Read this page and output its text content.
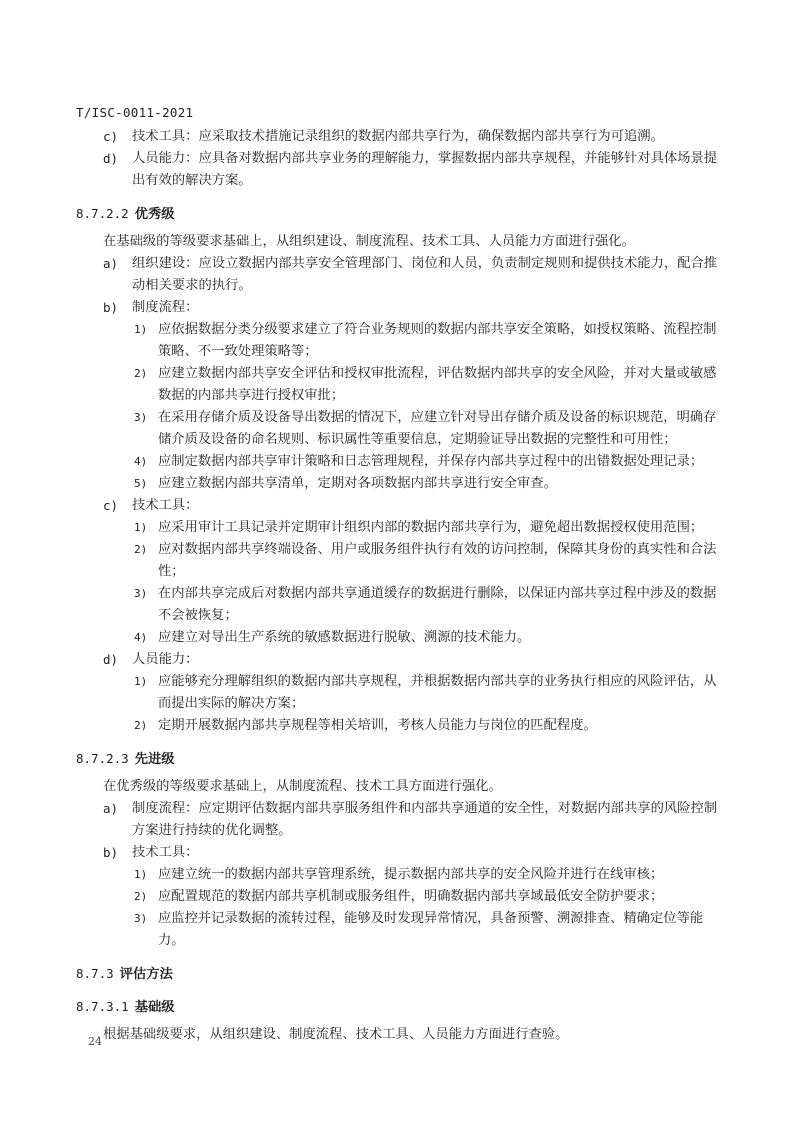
T/ISC-0011-2021
c)	技术工具：应采取技术措施记录组织的数据内部共享行为，确保数据内部共享行为可追溯。
d)	人员能力：应具备对数据内部共享业务的理解能力，掌握数据内部共享规程，并能够针对具体场景提出有效的解决方案。
8.7.2.2 优秀级
在基础级的等级要求基础上，从组织建设、制度流程、技术工具、人员能力方面进行强化。
a)	组织建设：应设立数据内部共享安全管理部门、岗位和人员，负责制定规则和提供技术能力，配合推动相关要求的执行。
b)	制度流程：
1) 应依据数据分类分级要求建立了符合业务规则的数据内部共享安全策略，如授权策略、流程控制策略、不一致处理策略等；
2) 应建立数据内部共享安全评估和授权审批流程，评估数据内部共享的安全风险，并对大量或敏感数据的内部共享进行授权审批；
3) 在采用存储介质及设备导出数据的情况下，应建立针对导出存储介质及设备的标识规范，明确存储介质及设备的命名规则、标识属性等重要信息，定期验证导出数据的完整性和可用性；
4) 应制定数据内部共享审计策略和日志管理规程，并保存内部共享过程中的出错数据处理记录；
5) 应建立数据内部共享清单，定期对各项数据内部共享进行安全审查。
c)	技术工具：
1) 应采用审计工具记录并定期审计组织内部的数据内部共享行为，避免超出数据授权使用范围；
2) 应对数据内部共享终端设备、用户或服务组件执行有效的访问控制，保障其身份的真实性和合法性；
3) 在内部共享完成后对数据内部共享通道缓存的数据进行删除，以保证内部共享过程中涉及的数据不会被恢复；
4) 应建立对导出生产系统的敏感数据进行脱敏、溯源的技术能力。
d)	人员能力：
1) 应能够充分理解组织的数据内部共享规程，并根据数据内部共享的业务执行相应的风险评估，从而提出实际的解决方案；
2) 定期开展数据内部共享规程等相关培训，考核人员能力与岗位的匹配程度。
8.7.2.3 先进级
在优秀级的等级要求基础上，从制度流程、技术工具方面进行强化。
a)	制度流程：应定期评估数据内部共享服务组件和内部共享通道的安全性，对数据内部共享的风险控制方案进行持续的优化调整。
b)	技术工具：
1) 应建立统一的数据内部共享管理系统，提示数据内部共享的安全风险并进行在线审核；
2) 应配置规范的数据内部共享机制或服务组件，明确数据内部共享域最低安全防护要求；
3) 应监控并记录数据的流转过程，能够及时发现异常情况，具备预警、溯源排查、精确定位等能力。
8.7.3 评估方法
8.7.3.1 基础级
根据基础级要求，从组织建设、制度流程、技术工具、人员能力方面进行查验。
24
